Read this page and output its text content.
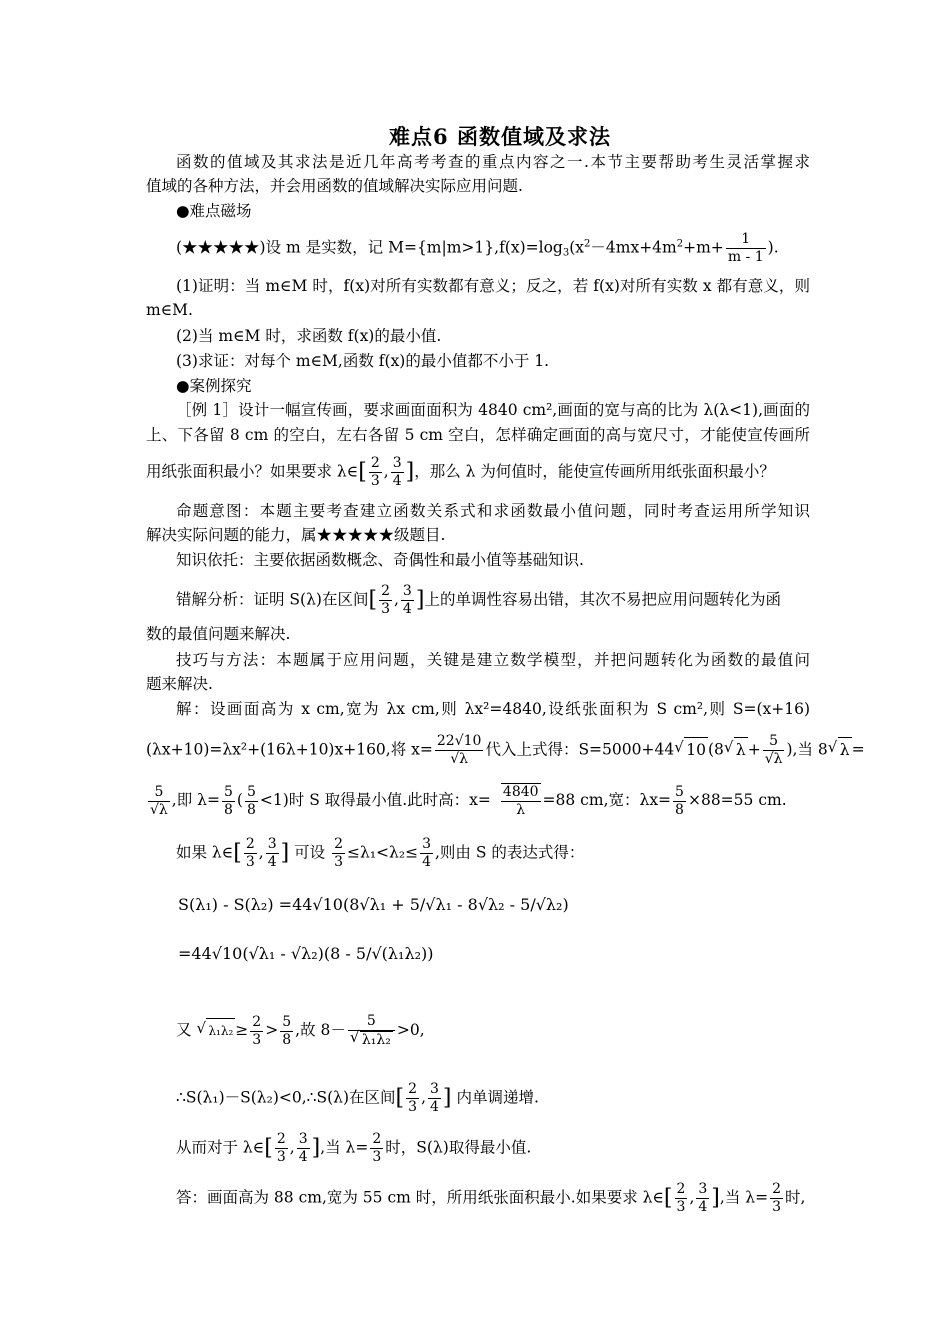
难点6 函数值域及求法
函数的值域及其求法是近几年高考考查的重点内容之一.本节主要帮助考生灵活掌握求
值域的各种方法，并会用函数的值域解决实际应用问题.
●难点磁场
(★★★★★)设 m 是实数，记 $M=\{m|m>1\},f(x)=\log_3(x^2-4mx+4m^2+m+ \frac{1}{m - 1}$ ).
(1)证明：当 m∈M 时，f(x)对所有实数都有意义；反之，若 f(x)对所有实数 x 都有意义，则
m∈M.
(2)当 m∈M 时，求函数 f(x)的最小值.
(3)求证：对每个 m∈M,函数 f(x)的最小值都不小于 1.
●案例探究
［例 1］设计一幅宣传画，要求画面面积为 4840 cm²,画面的宽与高的比为 λ(λ<1),画面的
上、下各留 8 cm 的空白，左右各留 5 cm 空白，怎样确定画面的高与宽尺寸，才能使宣传画所
用纸张面积最小？如果要求 λ∈[ $\frac{2}{3}$ , $\frac{3}{4}$ ]，那么 λ 为何值时，能使宣传画所用纸张面积最小？
命题意图：本题主要考查建立函数关系式和求函数最小值问题，同时考查运用所学知识
解决实际问题的能力，属★★★★★级题目.
知识依托：主要依据函数概念、奇偶性和最小值等基础知识.
错解分析：证明 S(λ)在区间[ $\frac{2}{3}$ , $\frac{3}{4}$ ]上的单调性容易出错，其次不易把应用问题转化为函
数的最值问题来解决.
技巧与方法：本题属于应用问题，关键是建立数学模型，并把问题转化为函数的最值问
题来解决.
解：设画面高为 x cm,宽为 λx cm,则 λx²=4840,设纸张面积为 S cm²,则 S=(x+16)
(λx+10)=λx²+(16λ+10)x+160,将 $x= \frac{22√10}{√\lambda}$ 代入上式得：S=5000+44 √ 10 (8 √ $\lambda + \frac{5}{√\lambda}$ ),当 8 √ λ =
$\frac{5}{√\lambda}$ ,即 $\lambda= \frac{5}{8}$ ( $\frac{5}{8} <1$)时 S 取得最小值.此时高：$x= \frac{4840}{\lambda} =88$ cm,宽：$\lambda x= \frac{5}{8} \times 88=55$ cm.
如果 λ∈[ $\frac{2}{3}$ , $\frac{3}{4}$ ] 可设 $\frac{2}{3} \le\lambda_1<\lambda_2\le \frac{3}{4}$ ,则由 S 的表达式得：
S(λ₁) - S(λ₂) =44√10(8√λ₁ + 5/√λ₁ - 8√λ₂ - 5/√λ₂)
=44√10(√λ₁ - √λ₂)(8 - 5/√(λ₁λ₂))
又 √ $\lambda_1\lambda_2 \ge \frac{2}{3} > \frac{5}{8}$ ,故 8－ 5
√ λ₁λ₂ >0,
∴S(λ₁)－S(λ₂)<0,∴S(λ)在区间[ $\frac{2}{3}$ , $\frac{3}{4}$ ] 内单调递增.
从而对于 λ∈[ $\frac{2}{3}$ , $\frac{3}{4}$ ],当 $\lambda= \frac{2}{3}$ 时，S(λ)取得最小值.
答：画面高为 88 cm,宽为 55 cm 时，所用纸张面积最小.如果要求 λ∈[ $\frac{2}{3}$ , $\frac{3}{4}$ ],当 $\lambda= \frac{2}{3}$ 时,
